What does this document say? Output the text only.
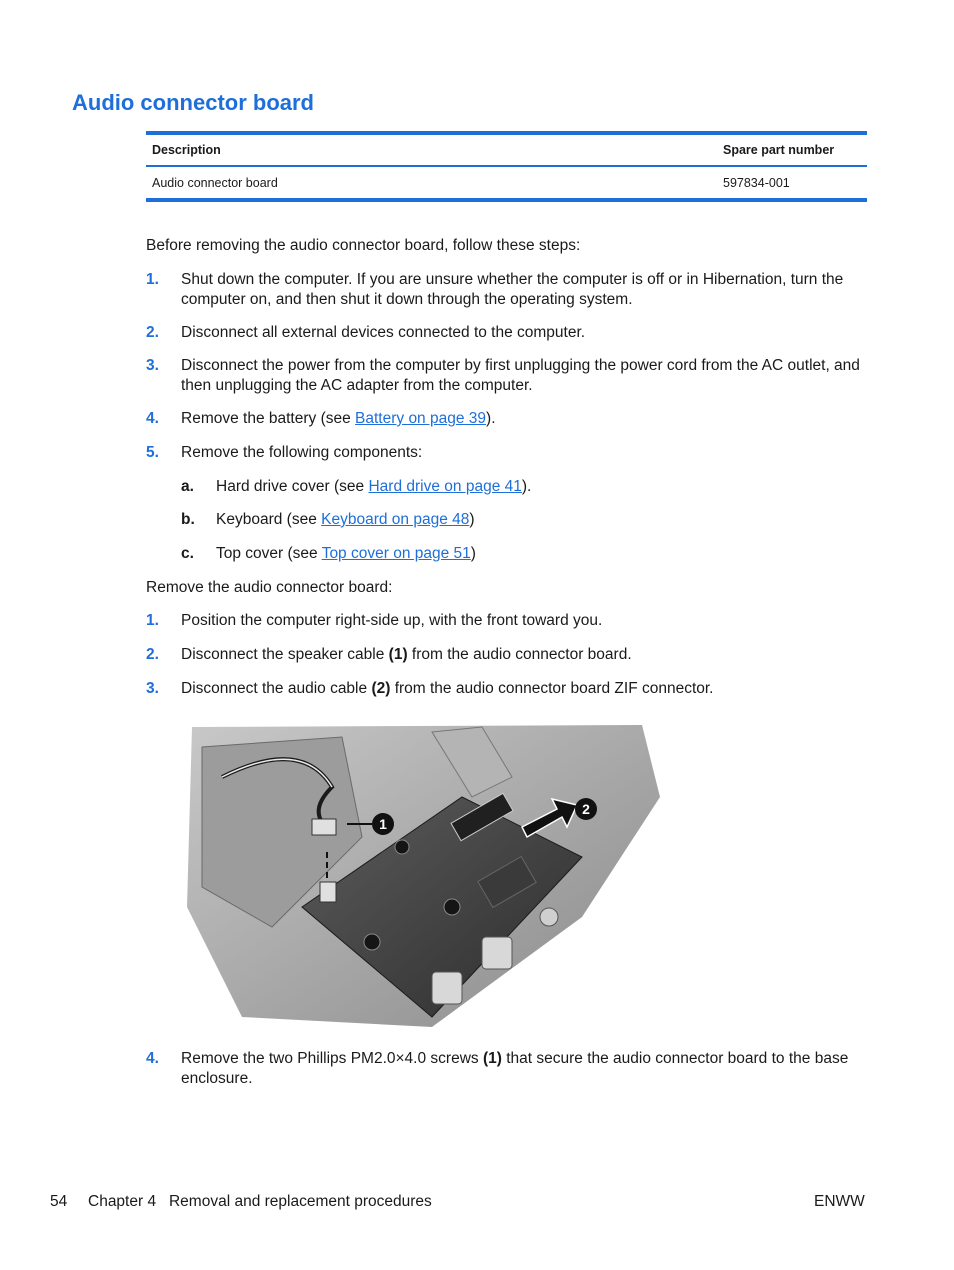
Audio connector board
Description	Spare part number
Audio connector board	597834-001

Before removing the audio connector board, follow these steps:

1. Shut down the computer. If you are unsure whether the computer is off or in Hibernation, turn the computer on, and then shut it down through the operating system.
2. Disconnect all external devices connected to the computer.
3. Disconnect the power from the computer by first unplugging the power cord from the AC outlet, and then unplugging the AC adapter from the computer.
4. Remove the battery (see Battery on page 39).
5. Remove the following components:
a. Hard drive cover (see Hard drive on page 41).
b. Keyboard (see Keyboard on page 48)
c. Top cover (see Top cover on page 51)

Remove the audio connector board:

1. Position the computer right-side up, with the front toward you.
2. Disconnect the speaker cable (1) from the audio connector board.
3. Disconnect the audio cable (2) from the audio connector board ZIF connector.
1
2
4. Remove the two Phillips PM2.0×4.0 screws (1) that secure the audio connector board to the base enclosure.
54 Chapter 4   Removal and replacement procedures	ENWW
